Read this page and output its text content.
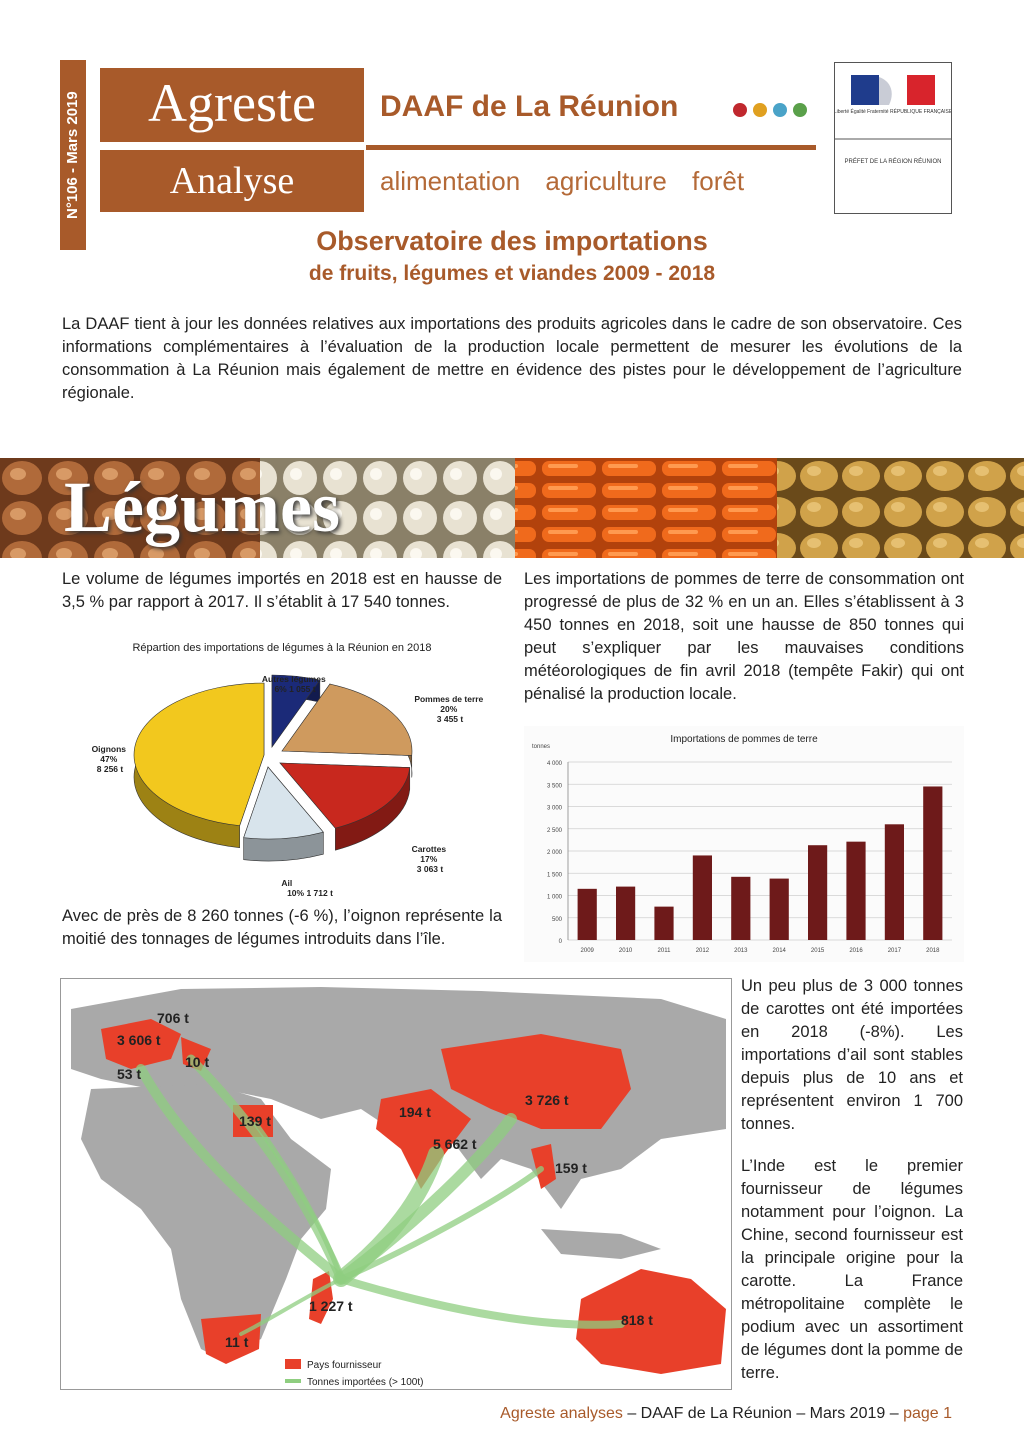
N°106 - Mars 2019	Agreste
Analyse
DAAF de La Réunion
alimentation agriculture forêt
Liberté Égalité Fraternité RÉPUBLIQUE FRANÇAISE
PRÉFET DE LA RÉGION RÉUNION
Observatoire des importations
de fruits, légumes et viandes 2009 - 2018
La DAAF tient à jour les données relatives aux importations des produits agricoles dans le cadre de son observatoire. Ces informations complémentaires à l’évaluation de la production locale permettent de mesurer les évolutions de la consommation à La Réunion mais également de mettre en évidence des pistes pour le développement de l’agriculture régionale.
Légumes
Le volume de légumes importés en 2018 est en hausse de 3,5 % par rapport à 2017. Il s’établit à 17 540 tonnes.
Les importations de pommes de terre de consommation ont progressé de plus de 32 % en un an. Elles s’établissent à 3 450 tonnes en 2018, soit une hausse de 850 tonnes qui peut s’expliquer par les mauvaises conditions météorologiques de fin avril 2018 (tempête Fakir) qui ont pénalisé la production locale.
Répartion des importations de légumes à la Réunion en 2018
Autres légumes 6% 1 055 t
Pommes de terre 20% 3 455 t
Oignons 47% 8 256 t
Carottes 17% 3 063 t
Ail 10% 1 712 t
Importations de pommes de terre
tonnes
0
500
1 000
1 500
2 000
2 500
3 000
3 500
4 000
2009	2010	2011	2012	2013	2014	2015	2016	2017	2018
Avec de près de 8 260 tonnes (-6 %), l’oignon représente la moitié des tonnages de légumes introduits dans l’île.
706 t
3 606 t
10 t
53 t
139 t
194 t
3 726 t
5 662 t
159 t
1 227 t
818 t
11 t
Pays fournisseur
Tonnes importées (> 100t)
Un peu plus de 3 000 tonnes de carottes ont été importées en 2018 (-8%). Les importations d’ail sont stables depuis plus de 10 ans et représentent environ 1 700 tonnes.
L’Inde est le premier fournisseur de légumes notamment pour l’oignon. La Chine, second fournisseur est la principale origine pour la carotte. La France métropolitaine complète le podium avec un assortiment de légumes dont la pomme de terre.
Agreste analyses – DAAF de La Réunion – Mars 2019 – page 1
